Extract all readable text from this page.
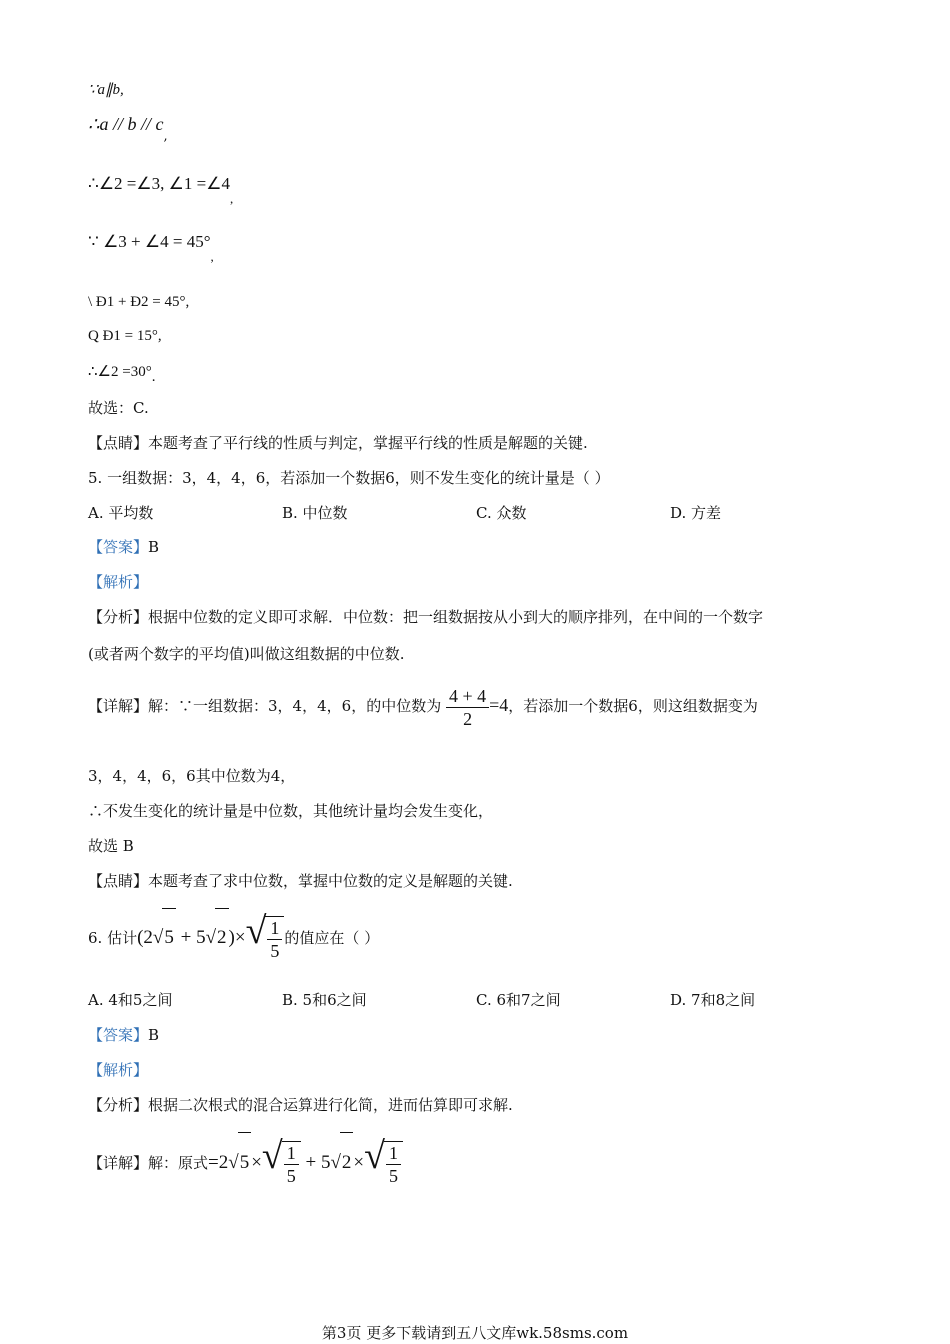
∵a∥b,
∴a // b // $c_,$
∴∠2 =∠3, ∠1 $=\angle 4_,$
∵ ∠3 + ∠4 = $45^\circ_,$
\ Ð1 + Ð2 = 45°,
Q Ð1 = 15°,
∴∠2 =30°.
故选：C.
【点睛】本题考查了平行线的性质与判定，掌握平行线的性质是解题的关键.
5. 一组数据：3，4，4，6，若添加一个数据6，则不发生变化的统计量是（ ）
A. 平均数	B. 中位数	C. 众数	D. 方差
【答案】B
【解析】
【分析】根据中位数的定义即可求解．中位数：把一组数据按从小到大的顺序排列，在中间的一个数字
(或者两个数字的平均值)叫做这组数据的中位数.
【详解】解：∵一组数据：3，4，4，6，的中位数为 $\frac{4 + 4}{2} =4$，若添加一个数据6，则这组数据变为
3，4，4，6，6其中位数为4，
∴不发生变化的统计量是中位数，其他统计量均会发生变化，
故选 B
【点睛】本题考查了求中位数，掌握中位数的定义是解题的关键.
6. 估计(2√5 + 5√2 )×√ $\frac{1}{5}$ 的值应在（ ）
A. 4和5之间	B. 5和6之间	C. 6和7之间	D. 7和8之间
【答案】B
【解析】
【分析】根据二次根式的混合运算进行化简，进而估算即可求解.
【详解】解：原式=2√5 ×√ $\frac{1}{5} + 5√2$ ×√ $\frac{1}{5}$
第3页 更多下载请到五八文库wk.58sms.com
